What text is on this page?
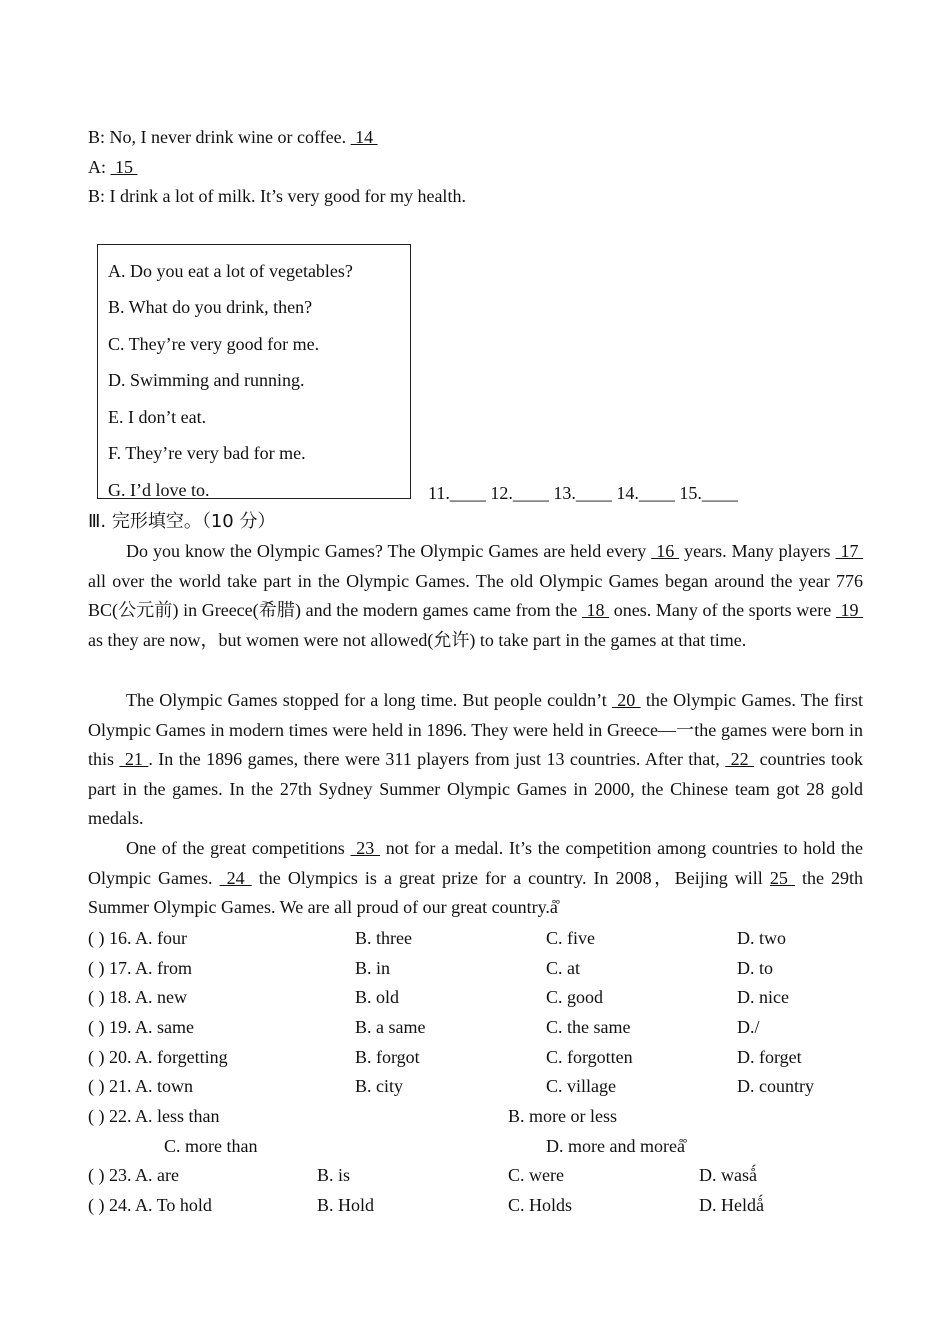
B: No, I never drink wine or coffee.  14
A:  15
B: I drink a lot of milk. It’s very good for my health.
A. Do you eat a lot of vegetables?
B. What do you drink, then?
C. They’re very good for me.
D. Swimming and running.
E. I don’t eat.
F. They’re very bad for me.
G. I’d love to.	11.____ 12.____ 13.____ 14.____ 15.____
Ⅲ. 完形填空。（10 分）
Do you know the Olympic Games? The Olympic Games are held every  16  years. Many players  17  all over the world take part in the Olympic Games. The old Olympic Games began around the year 776 BC(公元前) in Greece(希腊) and the modern games came from the  18  ones. Many of the sports were  19  as they are now，but women were not allowed(允许) to take part in the games at that time.
The Olympic Games stopped for a long time. But people couldn’t  20  the Olympic Games. The first Olympic Games in modern times were held in 1896. They were held in Greece—一the games were born in this  21 . In the 1896 games, there were 311 players from just 13 countries. After that,  22  countries took part in the games. In the 27th Sydney Summer Olympic Games in 2000, the Chinese team got 28 gold medals.
One of the great competitions  23  not for a medal. It’s the competition among countries to hold the Olympic Games.  24  the Olympics is a great prize for a country. In 2008，Beijing will 25  the 29th Summer Olympic Games. We are all proud of our great country.å̊
( ) 16. A. four	B. three	C. five	D. two
( ) 17. A. from	B. in	C. at	D. to
( ) 18. A. new	B. old	C. good	D. nice
( ) 19. A. same	B. a same	C. the same	D./
( ) 20. A. forgetting	B. forgot	C. forgotten	D. forget
( ) 21. A. town	B. city	C. village	D. country
( ) 22. A. less than	B. more or less
C. more than	D. more and moreå̊
( ) 23. A. are	B. is	C. were	D. wasǻ
( ) 24. A. To hold	B. Hold	C. Holds	D. Heldǻ
